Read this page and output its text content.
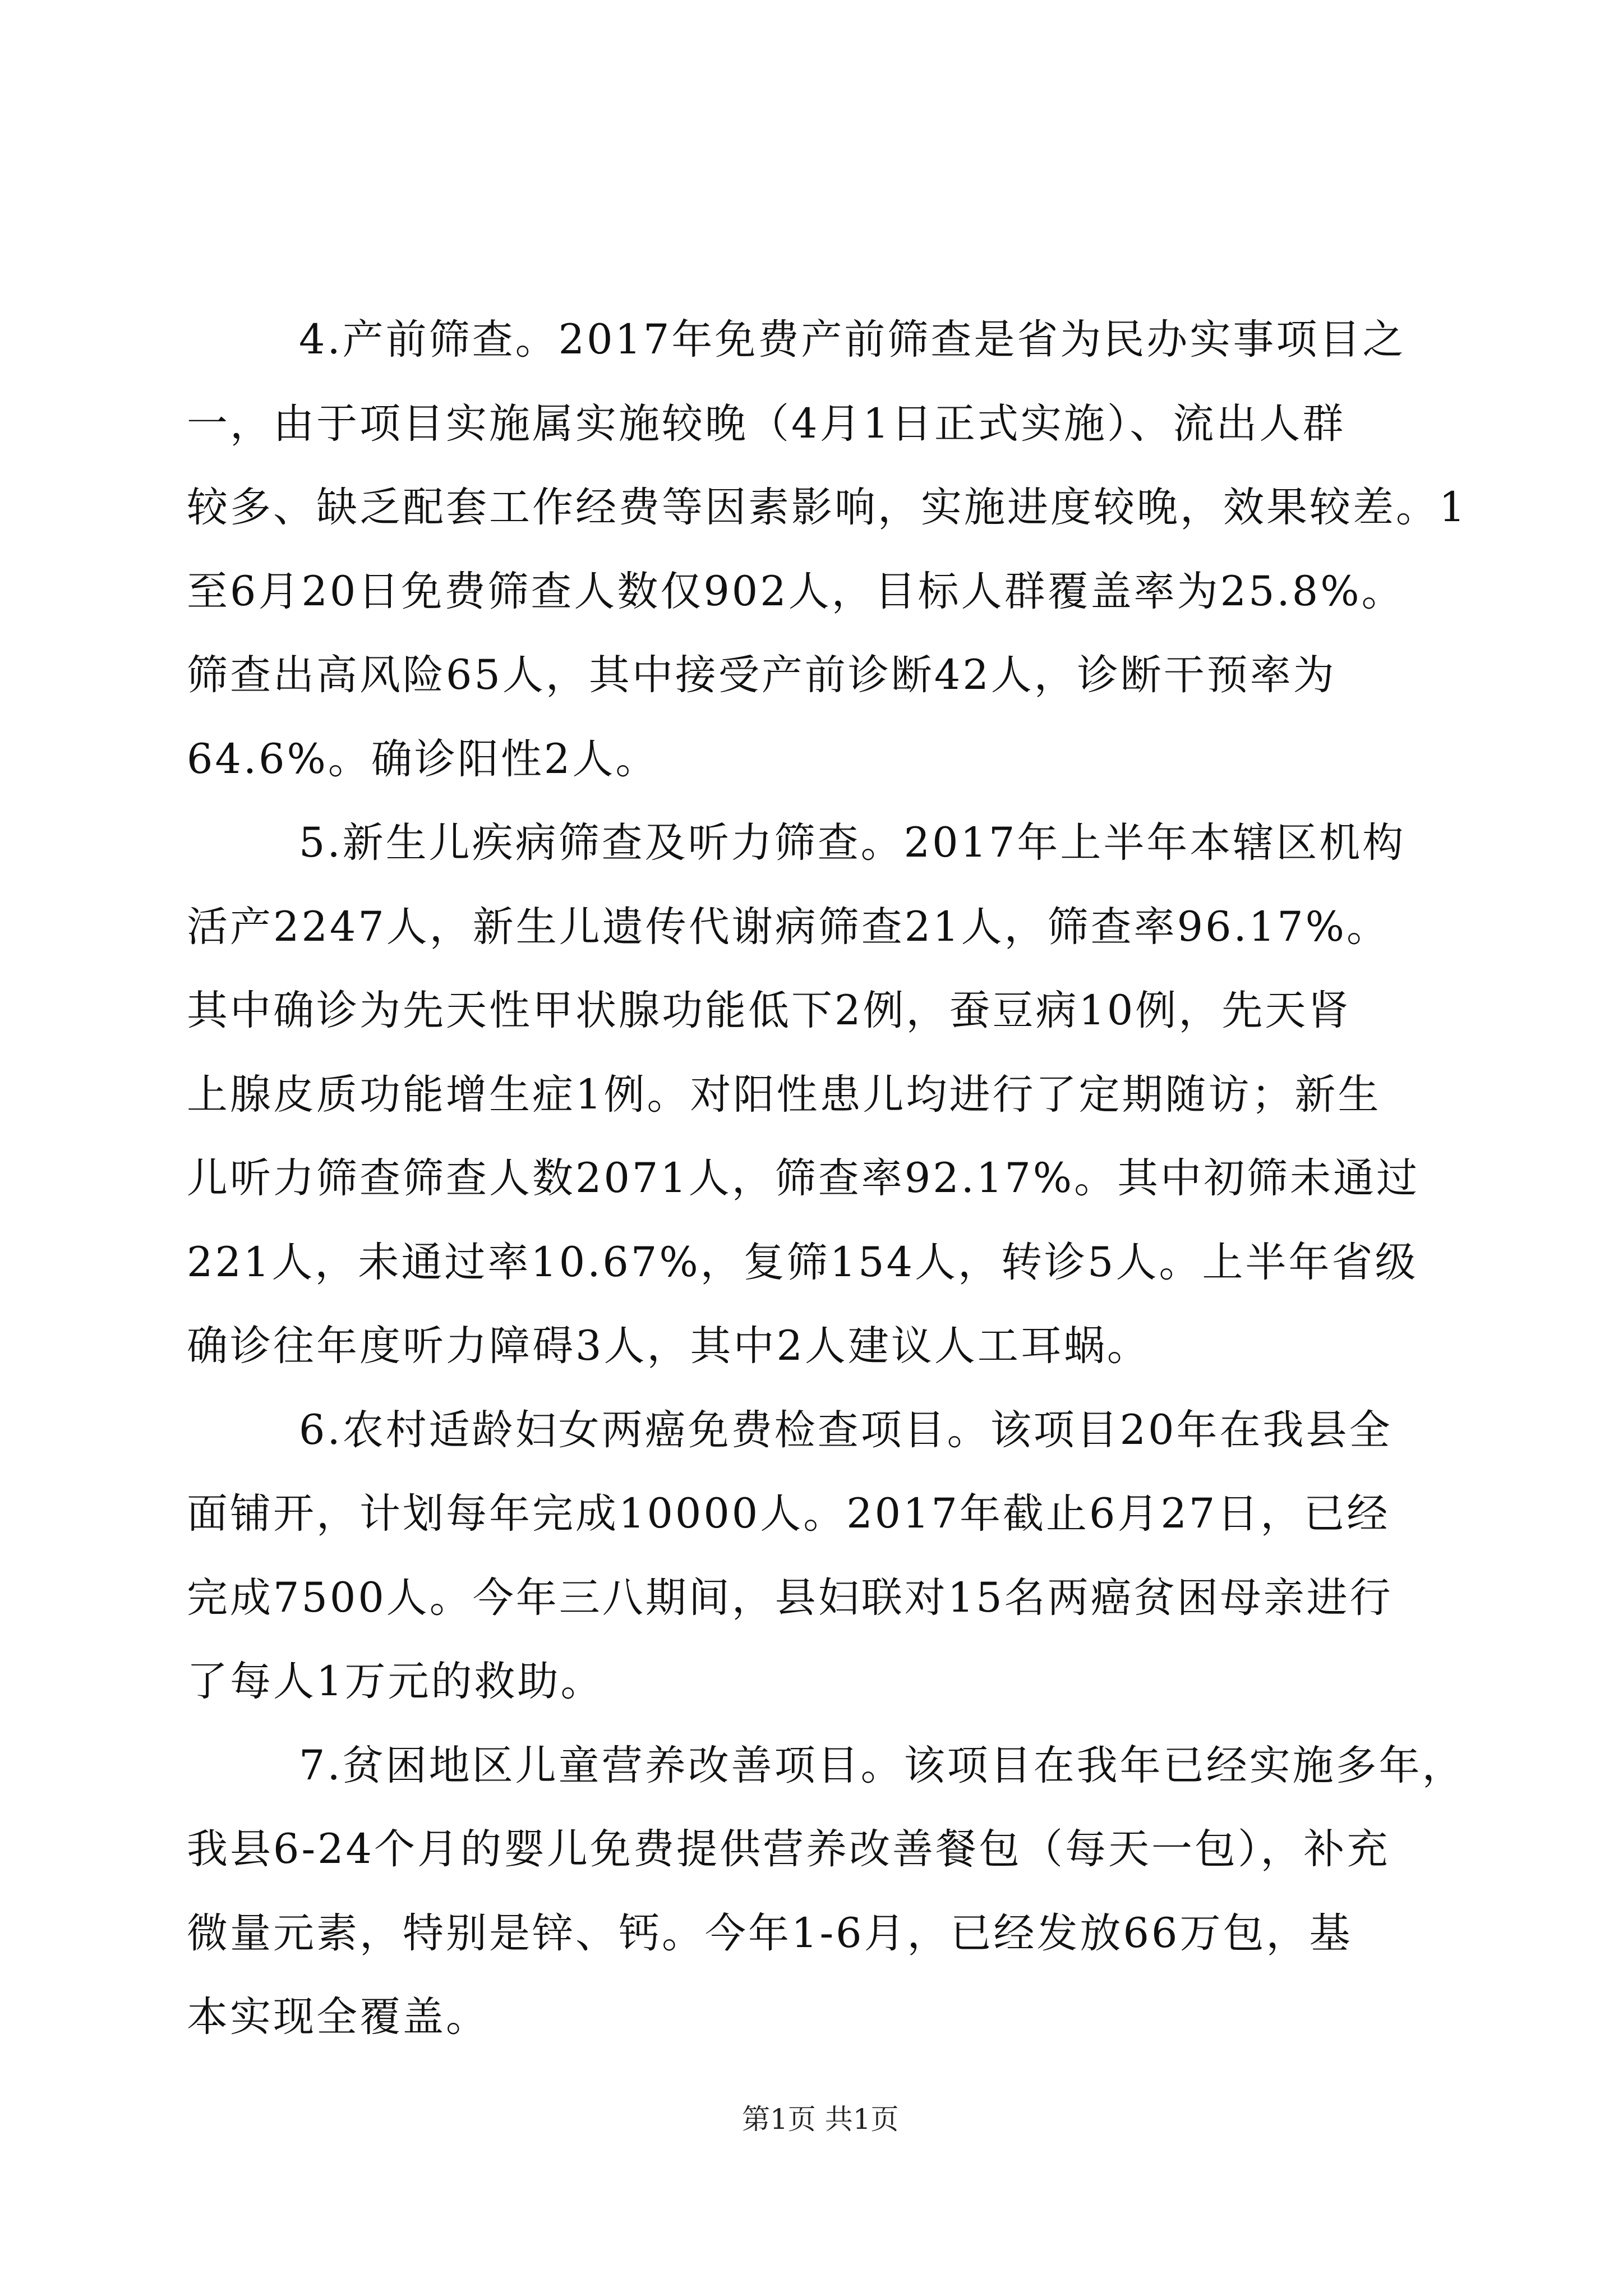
4.产前筛查。2017年免费产前筛查是省为民办实事项目之
一，由于项目实施属实施较晚（4月1日正式实施）、流出人群
较多、缺乏配套工作经费等因素影响，实施进度较晚，效果较差。1
至6月20日免费筛查人数仅902人，目标人群覆盖率为25.8%。
筛查出高风险65人，其中接受产前诊断42人，诊断干预率为
64.6%。确诊阳性2人。
5.新生儿疾病筛查及听力筛查。2017年上半年本辖区机构
活产2247人，新生儿遗传代谢病筛查21人，筛查率96.17%。
其中确诊为先天性甲状腺功能低下2例，蚕豆病10例，先天肾
上腺皮质功能增生症1例。对阳性患儿均进行了定期随访；新生
儿听力筛查筛查人数2071人，筛查率92.17%。其中初筛未通过
221人，未通过率10.67%，复筛154人，转诊5人。上半年省级
确诊往年度听力障碍3人，其中2人建议人工耳蜗。
6.农村适龄妇女两癌免费检查项目。该项目20年在我县全
面铺开，计划每年完成10000人。2017年截止6月27日，已经
完成7500人。今年三八期间，县妇联对15名两癌贫困母亲进行
了每人1万元的救助。
7.贫困地区儿童营养改善项目。该项目在我年已经实施多年，
我县6-24个月的婴儿免费提供营养改善餐包（每天一包），补充
微量元素，特别是锌、钙。今年1-6月，已经发放66万包，基
本实现全覆盖。
第1页 共1页
